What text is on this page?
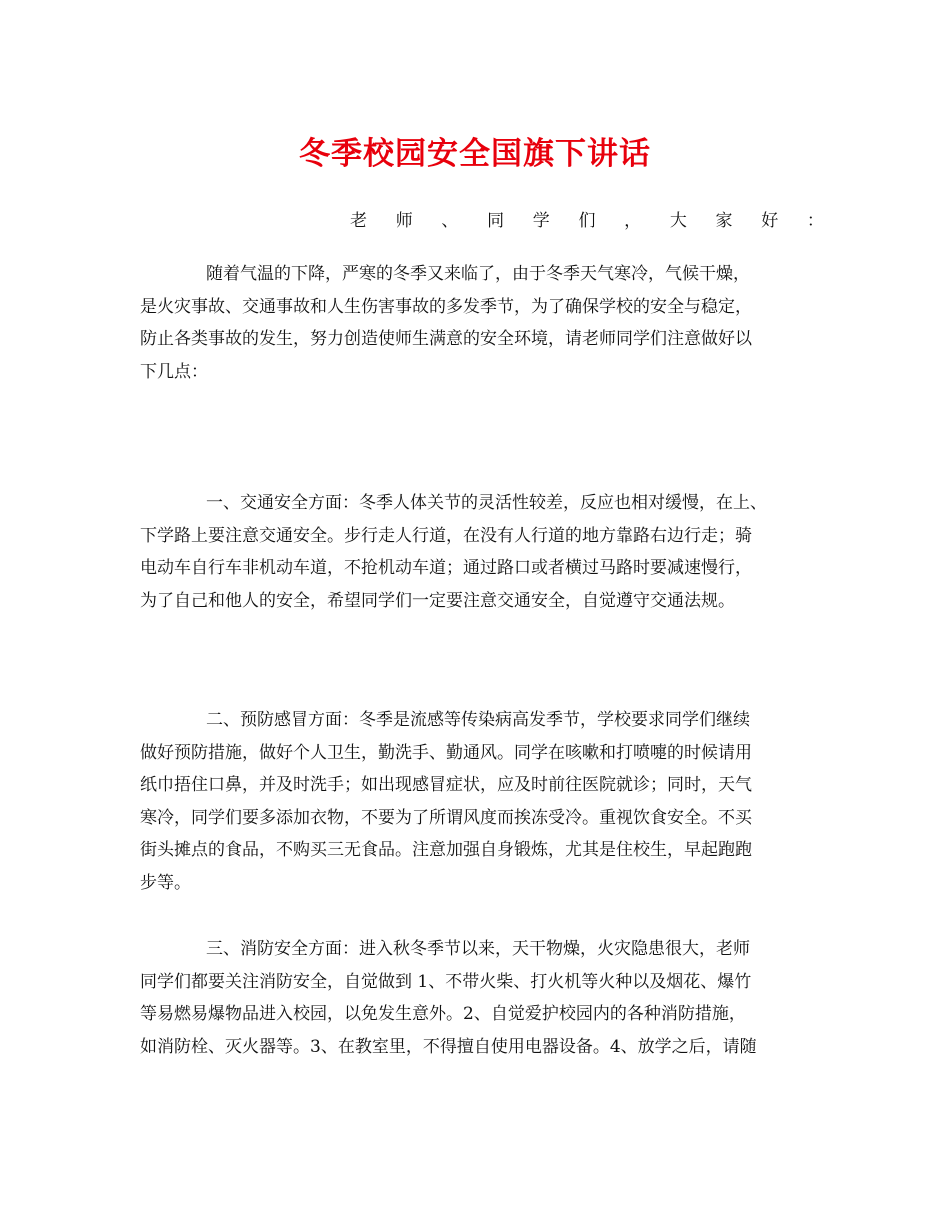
冬季校园安全国旗下讲话
老 师 、 同 学 们 ， 大 家 好 ：
随着气温的下降，严寒的冬季又来临了，由于冬季天气寒冷，气候干燥，
是火灾事故、交通事故和人生伤害事故的多发季节，为了确保学校的安全与稳定，
防止各类事故的发生，努力创造使师生满意的安全环境，请老师同学们注意做好以
下几点：
一、交通安全方面：冬季人体关节的灵活性较差，反应也相对缓慢，在上、
下学路上要注意交通安全。步行走人行道，在没有人行道的地方靠路右边行走；骑
电动车自行车非机动车道，不抢机动车道；通过路口或者横过马路时要减速慢行，
为了自己和他人的安全，希望同学们一定要注意交通安全，自觉遵守交通法规。
二、预防感冒方面：冬季是流感等传染病高发季节，学校要求同学们继续
做好预防措施，做好个人卫生，勤洗手、勤通风。同学在咳嗽和打喷嚏的时候请用
纸巾捂住口鼻，并及时洗手；如出现感冒症状，应及时前往医院就诊；同时，天气
寒冷，同学们要多添加衣物，不要为了所谓风度而挨冻受冷。重视饮食安全。不买
街头摊点的食品，不购买三无食品。注意加强自身锻炼，尤其是住校生，早起跑跑
步等。
三、消防安全方面：进入秋冬季节以来，天干物燥，火灾隐患很大，老师
同学们都要关注消防安全，自觉做到 1、不带火柴、打火机等火种以及烟花、爆竹
等易燃易爆物品进入校园，以免发生意外。2、自觉爱护校园内的各种消防措施，
如消防栓、灭火器等。3、在教室里，不得擅自使用电器设备。4、放学之后，请随
